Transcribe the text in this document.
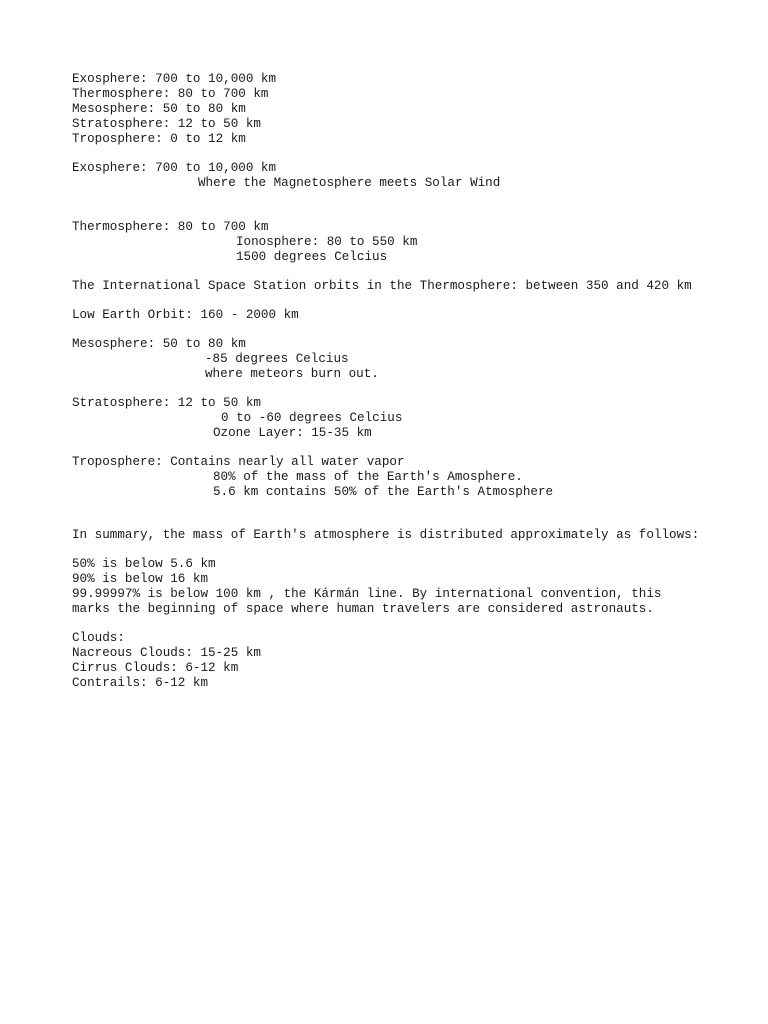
Exosphere: 700 to 10,000 km

Thermosphere: 80 to 700 km

Mesosphere: 50 to 80 km

Stratosphere: 12 to 50 km

Troposphere: 0 to 12 km

Exosphere: 700 to 10,000 km

Where the Magnetosphere meets Solar Wind

Thermosphere: 80 to 700 km

Ionosphere: 80 to 550 km

1500 degrees Celcius

The International Space Station orbits in the Thermosphere: between 350 and 420 km

Low Earth Orbit: 160 - 2000 km

Mesosphere: 50 to 80 km

-85 degrees Celcius

where meteors burn out.

Stratosphere: 12 to 50 km

0 to -60 degrees Celcius

Ozone Layer: 15-35 km

Troposphere: Contains nearly all water vapor

80% of the mass of the Earth's Amosphere.

5.6 km contains 50% of the Earth's Atmosphere

In summary, the mass of Earth's atmosphere is distributed approximately as follows:

50% is below 5.6 km

90% is below 16 km

99.99997% is below 100 km , the Kármán line. By international convention, this

marks the beginning of space where human travelers are considered astronauts.

Clouds:

Nacreous Clouds: 15-25 km

Cirrus Clouds: 6-12 km

Contrails: 6-12 km
